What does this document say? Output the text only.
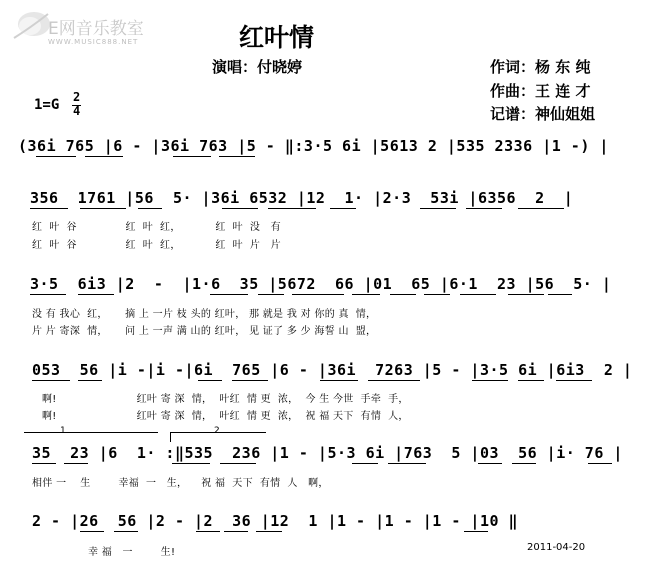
E网音乐教室
WWW.MUSIC888.NET	红叶情
演唱：付晓婷	作词：杨 东 纯
作曲：王 连 才
记谱：神仙姐姐
1=G 2
4
(36i 765 |6 - |36i 763 |5 - ‖:3·5 6i |5613 2 |535 2336 |1 -) |
356  1761 |56  5· |36i 6532 |12  1· |2·3  53i |6356  2  |
红  叶  谷              红  叶  红，          红  叶  没   有
红  叶  谷              红  叶  红，          红  叶  片   片
3·5  6i3 |2  -  |1·6  35 |5672  66 |01  65 |6·1  23 |56  5· |
没 有 我心  红，     摘 上 一片 枝 头的 红叶， 那 就是 我 对 你的 真  情，
片 片 寄深  情，     问 上 一声 满 山的 红叶， 见 证了 多 少 海誓 山  盟，
053  56 |i -|i -|6i  765 |6 - |36i  7263 |5 - |3·5 6i |6i3  2 |
啊!                       红叶 寄 深  情，  叶红  情 更  浓，  今 生 今世  手牵  手，
啊!                       红叶 寄 深  情，  叶红  情 更  浓，  祝 福 天下  有情  人，
1	2
35  23 |6  1· :‖535  236 |1 - |5·3 6i |763  5 |03  56 |i· 76 |
相伴 一    生        幸福  一   生，    祝 福  天下  有情  人   啊，
2 - |26  56 |2 - |2  36 |12  1 |1 - |1 - |1 - |10 ‖
幸 福   一        生!	2011-04-20
